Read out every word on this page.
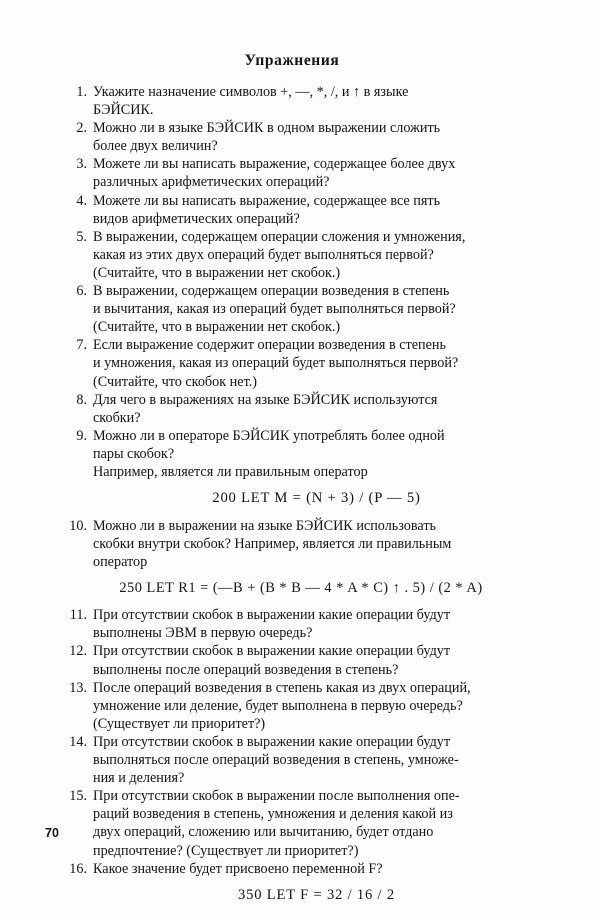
Упражнения
1. Укажите назначение символов +, —, *, /, и ↑ в языке
БЭЙСИК.
2. Можно ли в языке БЭЙСИК в одном выражении сложить
более двух величин?
3. Можете ли вы написать выражение, содержащее более двух
различных арифметических операций?
4. Можете ли вы написать выражение, содержащее все пять
видов арифметических операций?
5. В выражении, содержащем операции сложения и умножения,
какая из этих двух операций будет выполняться первой?
(Считайте, что в выражении нет скобок.)
6. В выражении, содержащем операции возведения в степень
и вычитания, какая из операций будет выполняться первой?
(Считайте, что в выражении нет скобок.)
7. Если выражение содержит операции возведения в степень
и умножения, какая из операций будет выполняться первой?
(Считайте, что скобок нет.)
8. Для чего в выражениях на языке БЭЙСИК используются
скобки?
9. Можно ли в операторе БЭЙСИК употреблять более одной
пары скобок?
Например, является ли правильным оператор
200 LET M = (N + 3) / (P — 5)
10. Можно ли в выражении на языке БЭЙСИК использовать
скобки внутри скобок? Например, является ли правильным
оператор
250 LET R1 = (—B + (B * B — 4 * A * C) ↑ . 5) / (2 * A)
11. При отсутствии скобок в выражении какие операции будут
выполнены ЭВМ в первую очередь?
12. При отсутствии скобок в выражении какие операции будут
выполнены после операций возведения в степень?
13. После операций возведения в степень какая из двух операций,
умножение или деление, будет выполнена в первую очередь?
(Существует ли приоритет?)
14. При отсутствии скобок в выражении какие операции будут
выполняться после операций возведения в степень, умноже-
ния и деления?
15. При отсутствии скобок в выражении после выполнения опе-
раций возведения в степень, умножения и деления какой из
двух операций, сложению или вычитанию, будет отдано
предпочтение? (Существует ли приоритет?)
16. Какое значение будет присвоено переменной F?
350 LET F = 32 / 16 / 2
70
